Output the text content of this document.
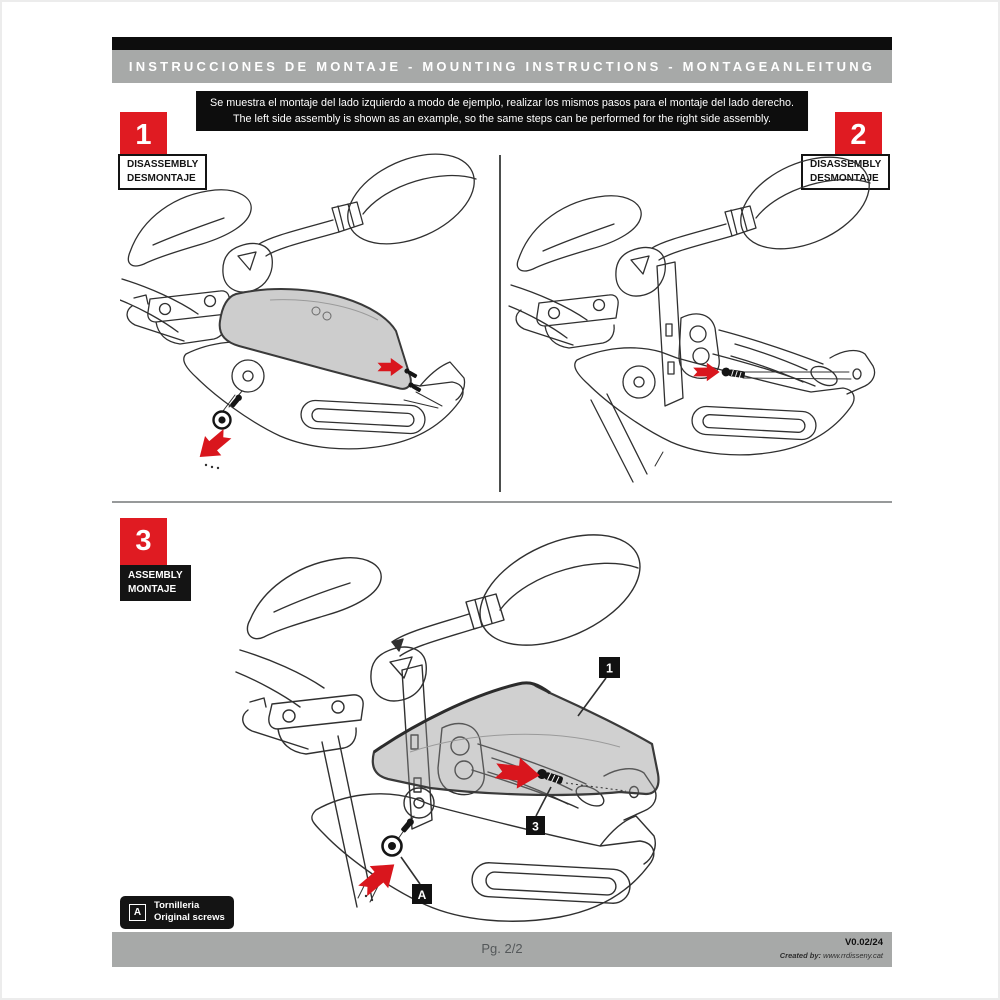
INSTRUCCIONES DE MONTAJE - MOUNTING INSTRUCTIONS - MONTAGEANLEITUNG
Se muestra el montaje del lado izquierdo a modo de ejemplo, realizar los mismos pasos para el montaje del lado derecho.
The left side assembly is shown as an example, so the same steps can be performed for the right side assembly.
1
DISASSEMBLY
DESMONTAJE
2
DISASSEMBLY
DESMONTAJE
3
ASSEMBLY
MONTAJE
1
3
A
A
Tornilleria
Original screws
Pg. 2/2	V0.02/24
Created by: www.rrdisseny.cat
